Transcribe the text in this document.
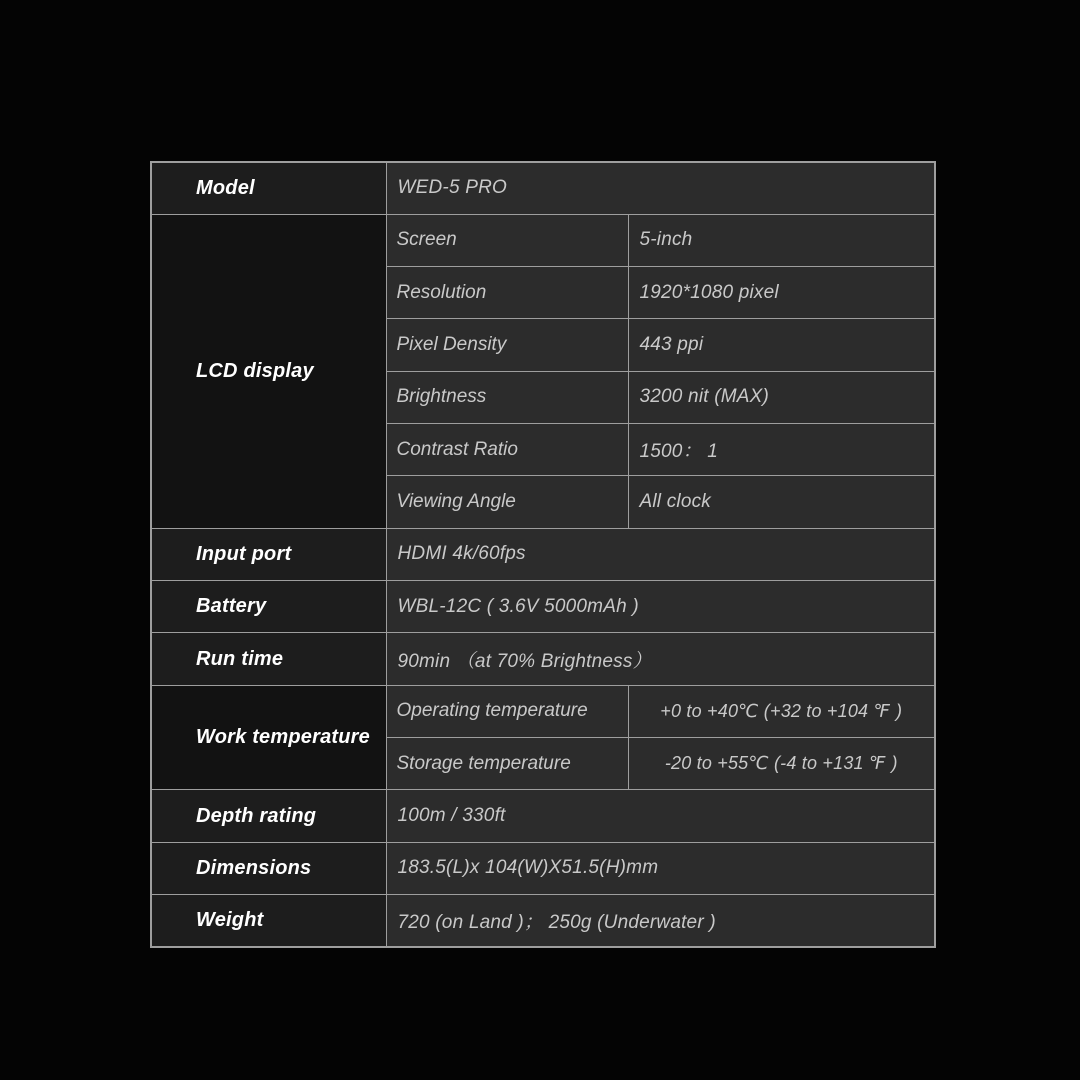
Model	WED-5 PRO	
LCD display	Screen	5-inch
	Resolution	1920*1080 pixel
	Pixel Density	443 ppi
	Brightness	3200 nit (MAX)
	Contrast Ratio	1500： 1
	Viewing Angle	All clock
Input port	HDMI 4k/60fps	
Battery	WBL-12C ( 3.6V 5000mAh )	
Run time	90min （at 70% Brightness）	
Work temperature	Operating temperature	+0 to +40℃ (+32 to +104 ℉ )
	Storage temperature	-20 to +55℃ (-4 to +131 ℉ )
Depth rating	100m / 330ft	
Dimensions	183.5(L)x 104(W)X51.5(H)mm	
Weight	720 (on Land )； 250g (Underwater )	
